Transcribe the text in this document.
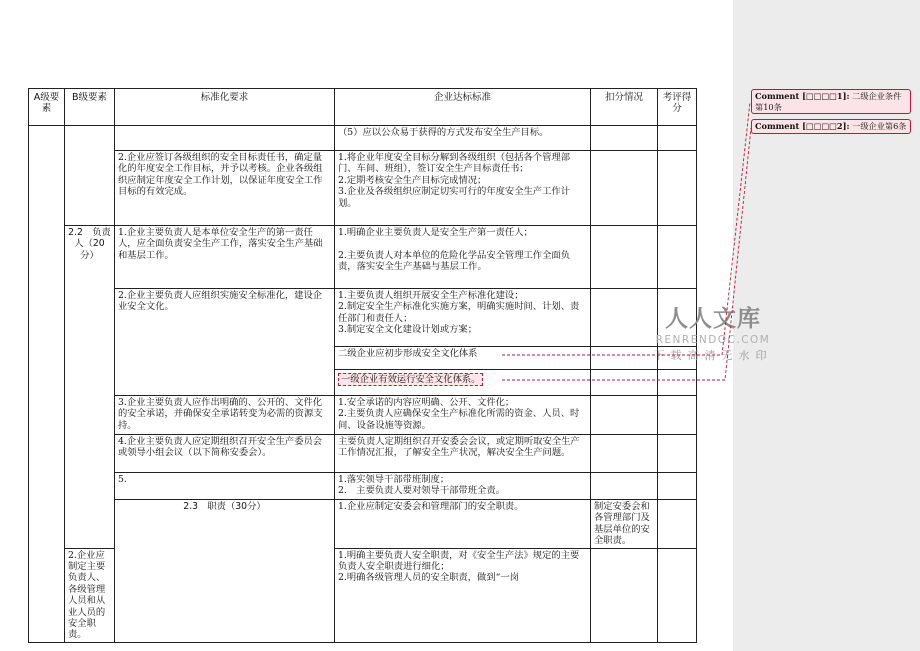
A级要素	B级要素	标准化要求	企业达标标准	扣分情况	考评得分	
			（5）应以公众易于获得的方式发布安全生产目标。			
		2.企业应签订各级组织的安全目标责任书，确定量化的年度安全工作目标，并予以考核。企业各级组织应制定年度安全工作计划，以保证年度安全工作目标的有效完成。	1.将企业年度安全目标分解到各级组织（包括各个管理部门、车间、班组），签订安全生产目标责任书；
2.定期考核安全生产目标完成情况；
3.企业及各级组织应制定切实可行的年度安全生产工作计划。			
	2.2　负责人（20分）	1.企业主要负责人是本单位安全生产的第一责任人，应全面负责安全生产工作，落实安全生产基础和基层工作。	1.明确企业主要负责人是安全生产第一责任人；

2.主要负责人对本单位的危险化学品安全管理工作全面负责，落实安全生产基础与基层工作。			
		2.企业主要负责人应组织实施安全标准化，建设企业安全文化。	1.主要负责人组织开展安全生产标准化建设；
2.制定安全生产标准化实施方案，明确实施时间、计划、责任部门和责任人；
3.制定安全文化建设计划或方案；			
			二级企业应初步形成安全文化体系			
			一级企业有效运行安全文化体系。			
		3.企业主要负责人应作出明确的、公开的、文件化的安全承诺，并确保安全承诺转变为必需的资源支持。	1.安全承诺的内容应明确、公开、文件化；
2.主要负责人应确保安全生产标准化所需的资金、人员、时间、设备设施等资源。			
		4.企业主要负责人应定期组织召开安全生产委员会或领导小组会议（以下简称安委会）。	主要负责人定期组织召开安委会会议，或定期听取安全生产工作情况汇报，了解安全生产状况，解决安全生产问题。			
		5.	1.落实领导干部带班制度；
2.　主要负责人要对领导干部带班全责。			
		2.3　职责（30分）	1.企业应制定安委会和管理部门的安全职责。	制定安委会和各管理部门及基层单位的安全职责。		
	2.企业应制定主要负责人、各级管理人员和从业人员的安全职责。		1.明确主要负责人安全职责，对《安全生产法》规定的主要负责人安全职责进行细化；
2.明确各级管理人员的安全职责，做到“一岗			
人人文库
RENRENDOC.COM
下载高清无水印
Comment [□□□□1]: 二级企业条件第10条
Comment [□□□□2]: 一级企业第6条
